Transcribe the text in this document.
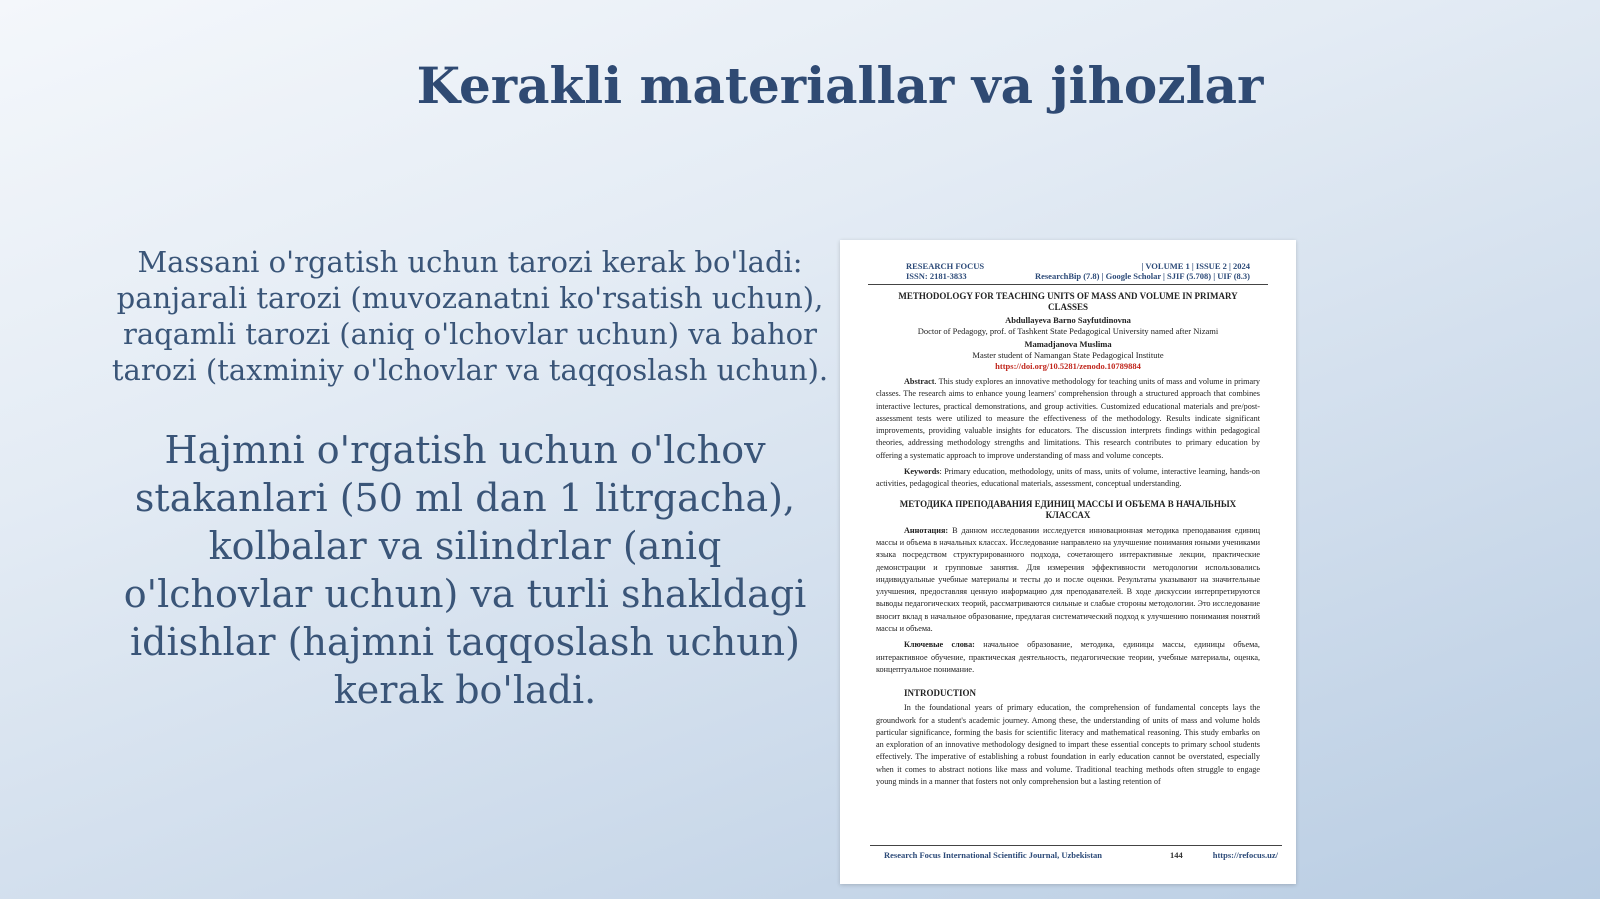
Kerakli materiallar va jihozlar
Massani o'rgatish uchun tarozi kerak bo'ladi: panjarali tarozi (muvozanatni ko'rsatish uchun), raqamli tarozi (aniq o'lchovlar uchun) va bahor tarozi (taxminiy o'lchovlar va taqqoslash uchun).
Hajmni o'rgatish uchun o'lchov stakanlari (50 ml dan 1 litrgacha), kolbalar va silindrlar (aniq o'lchovlar uchun) va turli shakldagi idishlar (hajmni taqqoslash uchun) kerak bo'ladi.
RESEARCH FOCUS
ISSN: 2181-3833
| VOLUME 1 | ISSUE 2 | 2024
ResearchBip (7.8) | Google Scholar | SJIF (5.708) | UIF (8.3)
METHODOLOGY FOR TEACHING UNITS OF MASS AND VOLUME IN PRIMARY CLASSES
Abdullayeva Barno Sayfutdinovna
Doctor of Pedagogy, prof. of Tashkent State Pedagogical University named after Nizami
Mamadjanova Muslima
Master student of Namangan State Pedagogical Institute
https://doi.org/10.5281/zenodo.10789884
Abstract. This study explores an innovative methodology for teaching units of mass and volume in primary classes. The research aims to enhance young learners' comprehension through a structured approach that combines interactive lectures, practical demonstrations, and group activities. Customized educational materials and pre/post-assessment tests were utilized to measure the effectiveness of the methodology. Results indicate significant improvements, providing valuable insights for educators. The discussion interprets findings within pedagogical theories, addressing methodology strengths and limitations. This research contributes to primary education by offering a systematic approach to improve understanding of mass and volume concepts.
Keywords: Primary education, methodology, units of mass, units of volume, interactive learning, hands-on activities, pedagogical theories, educational materials, assessment, conceptual understanding.
МЕТОДИКА ПРЕПОДАВАНИЯ ЕДИНИЦ МАССЫ И ОБЪЕМА В НАЧАЛЬНЫХ КЛАССАХ
Аннотация: В данном исследовании исследуется инновационная методика преподавания единиц массы и объема в начальных классах. Исследование направлено на улучшение понимания юными учениками языка посредством структурированного подхода, сочетающего интерактивные лекции, практические демонстрации и групповые занятия. Для измерения эффективности методологии использовались индивидуальные учебные материалы и тесты до и после оценки. Результаты указывают на значительные улучшения, предоставляя ценную информацию для преподавателей. В ходе дискуссии интерпретируются выводы педагогических теорий, рассматриваются сильные и слабые стороны методологии. Это исследование вносит вклад в начальное образование, предлагая систематический подход к улучшению понимания понятий массы и объема.
Ключевые слова: начальное образование, методика, единицы массы, единицы объема, интерактивное обучение, практическая деятельность, педагогические теории, учебные материалы, оценка, концептуальное понимание.
INTRODUCTION
In the foundational years of primary education, the comprehension of fundamental concepts lays the groundwork for a student's academic journey. Among these, the understanding of units of mass and volume holds particular significance, forming the basis for scientific literacy and mathematical reasoning. This study embarks on an exploration of an innovative methodology designed to impart these essential concepts to primary school students effectively. The imperative of establishing a robust foundation in early education cannot be overstated, especially when it comes to abstract notions like mass and volume. Traditional teaching methods often struggle to engage young minds in a manner that fosters not only comprehension but a lasting retention of
Research Focus International Scientific Journal, Uzbekistan	144	https://refocus.uz/
